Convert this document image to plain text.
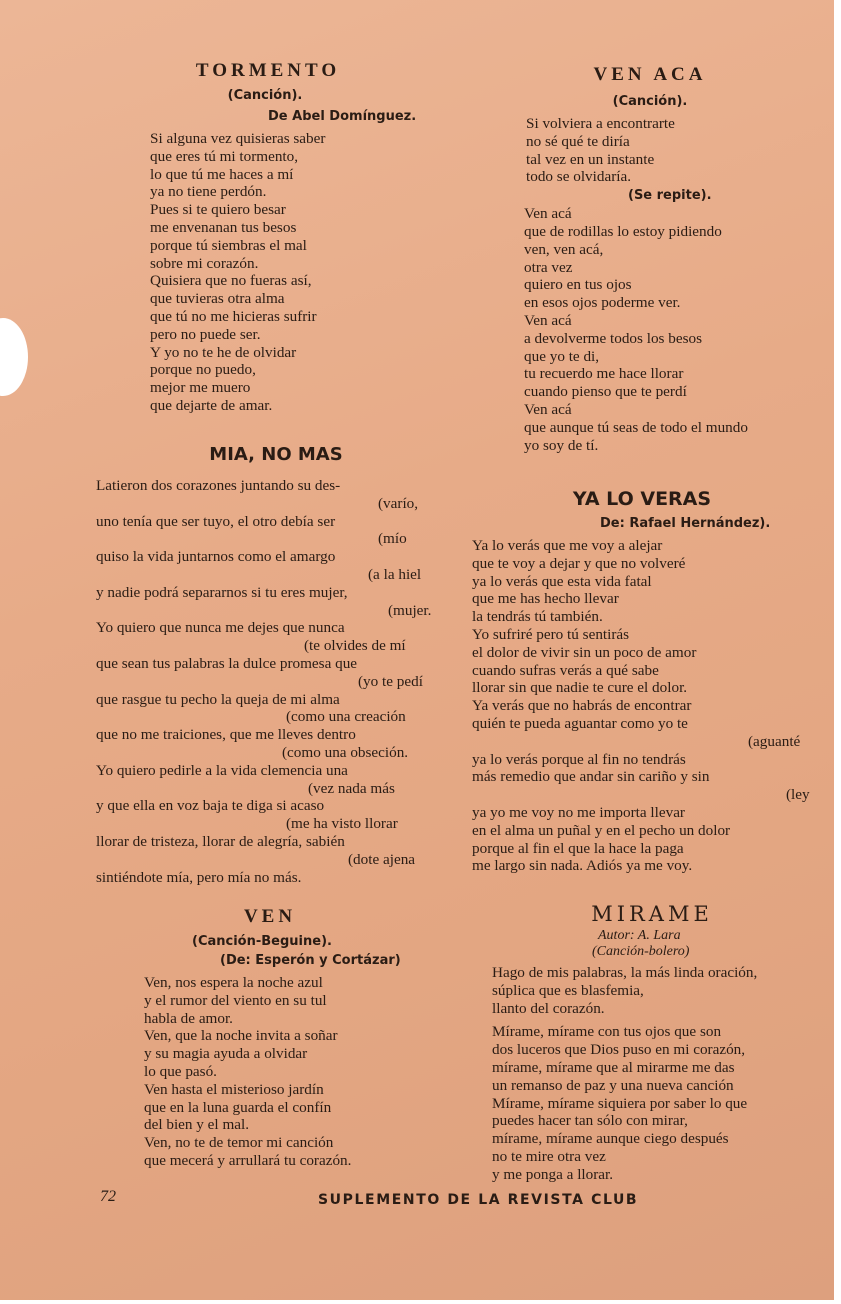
TORMENTO

(Canción).

De Abel Domínguez.

Si alguna vez quisieras saber
que eres tú mi tormento,
lo que tú me haces a mí
ya no tiene perdón.
Pues si te quiero besar
me envenanan tus besos
porque tú siembras el mal
sobre mi corazón.
Quisiera que no fueras así,
que tuvieras otra alma
que tú no me hicieras sufrir
pero no puede ser.
Y yo no te he de olvidar
porque no puedo,
mejor me muero
que dejarte de amar.
MIA, NO MAS
Latieron dos corazones juntando su des-
(varío,
uno tenía que ser tuyo, el otro debía ser
(mío
quiso la vida juntarnos como el amargo
(a la hiel
y nadie podrá separarnos si tu eres mujer,
(mujer.
Yo quiero que nunca me dejes que nunca
(te olvides de mí
que sean tus palabras la dulce promesa que
(yo te pedí
que rasgue tu pecho la queja de mi alma
(como una creación
que no me traiciones, que me lleves dentro
(como una obseción.
Yo quiero pedirle a la vida clemencia una
(vez nada más
y que ella en voz baja te diga si acaso
(me ha visto llorar
llorar de tristeza, llorar de alegría, sabién
(dote ajena
sintiéndote mía, pero mía no más.
VEN

(Canción-Beguine).

(De: Esperón y Cortázar)

Ven, nos espera la noche azul
y el rumor del viento en su tul
habla de amor.
Ven, que la noche invita a soñar
y su magia ayuda a olvidar
lo que pasó.
Ven hasta el misterioso jardín
que en la luna guarda el confín
del bien y el mal.
Ven, no te de temor mi canción
que mecerá y arrullará tu corazón.
VEN ACA

(Canción).

Si volviera a encontrarte
no sé qué te diría
tal vez en un instante
todo se olvidaría.

(Se repite).

Ven acá
que de rodillas lo estoy pidiendo
ven, ven acá,
otra vez
quiero en tus ojos
en esos ojos poderme ver.
Ven acá
a devolverme todos los besos
que yo te di,
tu recuerdo me hace llorar
cuando pienso que te perdí
Ven acá
que aunque tú seas de todo el mundo
yo soy de tí.
YA LO VERAS

De: Rafael Hernández).

Ya lo verás que me voy a alejar
que te voy a dejar y que no volveré
ya lo verás que esta vida fatal
que me has hecho llevar
la tendrás tú también.
Yo sufriré pero tú sentirás
el dolor de vivir sin un poco de amor
cuando sufras verás a qué sabe
llorar sin que nadie te cure el dolor.
Ya verás que no habrás de encontrar
quién te pueda aguantar como yo te
(aguanté
ya lo verás porque al fin no tendrás
más remedio que andar sin cariño y sin
(ley
ya yo me voy no me importa llevar
en el alma un puñal y en el pecho un dolor
porque al fin el que la hace la paga
me largo sin nada. Adiós ya me voy.
MIRAME

Autor: A. Lara

(Canción-bolero)

Hago de mis palabras, la más linda oración,
súplica que es blasfemia,
llanto del corazón.
Mírame, mírame con tus ojos que son
dos luceros que Dios puso en mi corazón,
mírame, mírame que al mirarme me das
un remanso de paz y una nueva canción
Mírame, mírame siquiera por saber lo que
puedes hacer tan sólo con mirar,
mírame, mírame aunque ciego después
no te mire otra vez
y me ponga a llorar.
72	SUPLEMENTO DE LA REVISTA CLUB
